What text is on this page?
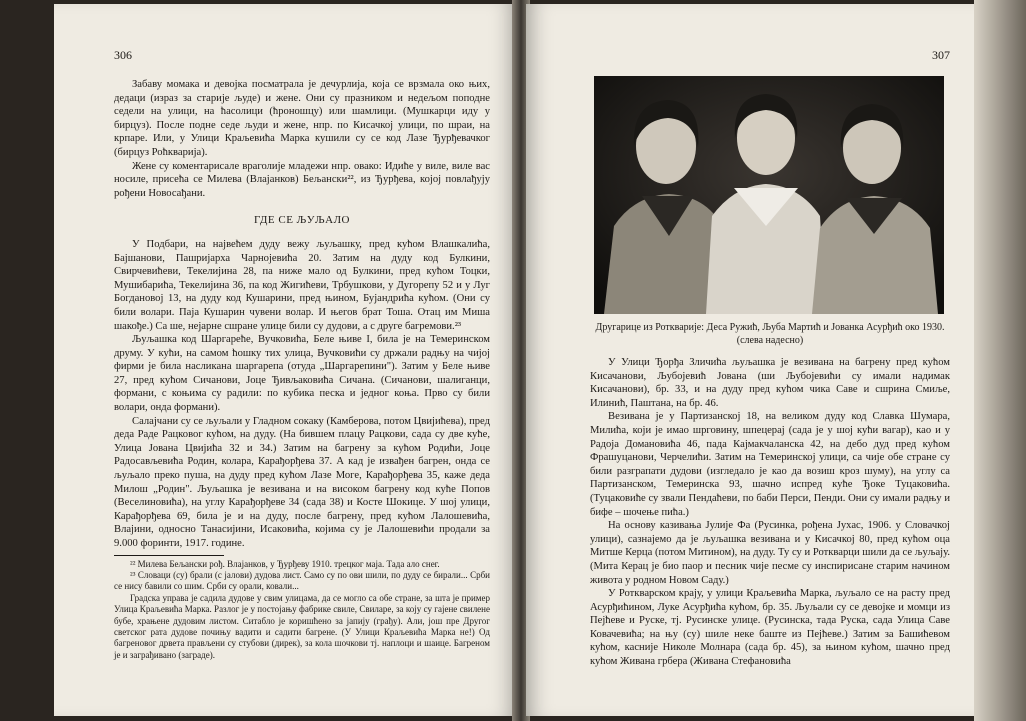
306

Забаву момака и девојка посматрала је дечурлија, која се врзмала око њих, дедаци (израз за старије људе) и жене. Они су празником и недељом поподне седели на улици, на ћасолици (ћроношцу) или шамлици. (Мушкарци иду у бирцуз). После подне седе људи и жене, нпр. по Кисачкој улици, по шраи, на крпаре. Или, у Улици Краљевића Марка кушили су се код Лазе Ђурђевачког (бирцуз Роћкварија).

Жене су коментарисале враголије младежи нпр. овако: Идиће у виле, виле вас носиле, присећа се Милева (Влајанков) Бељански²², из Ђурђева, којој повлађују рођени Новосађани.

ГДЕ СЕ ЉУЉАЛО

У Подбари, на највећем дуду вежу љуљашку, пред кућом Влашкалића, Бајшанови, Пашријарха Чарнојевића 20. Затим на дуду код Булкини, Свирчевићеви, Текелијина 28, па ниже мало од Булкини, пред кућом Тоцки, Мушибарића, Текелијина 36, па код Жигићеви, Трбушкови, у Дугорепу 52 и у Луг Богдановој 13, на дуду код Кушарини, пред њином, Бујандрића кућом. (Они су били волари. Паја Кушарин чувени волар. И његов брат Тоша. Отац им Миша шакође.) Са ше, нејарне сшране улице били су дудови, а с друге багремови.²³

Љуљашка код Шаргареће, Вучковића, Беле њиве I, била је на Темеринском друму. У кући, на самом ћошку тих улица, Вучковићи су држали радњу на чијој фирми је била насликана шаргарепа (отуда „Шаргарепини"). Затим у Беле њиве 27, пред кућом Сичанови, Јоце Ђивљаковића Сичана. (Сичанови, шалиганци, формани, с коњима су радили: по кубика песка и једног коња. Прво су били волари, онда формани).

Салајчани су се љуљали у Гладном сокаку (Камберова, потом Цвијићева), пред деда Раде Рацковог кућом, на дуду. (На бившем плацу Рацкови, сада су две куће, Улица Јована Цвијића 32 и 34.) Затим на багрену за кућом Родићи, Јоце Радосављевића Родин, колара, Карађорђева 37. А кад је извађен багрен, онда се љуљало преко пуша, на дуду пред кућом Лазе Моге, Карађорђева 35, каже деда Милош „Родин". Љуљашка је везивана и на високом багрену код куће Попов (Веселиновића), на углу Карађорђеве 34 (сада 38) и Косте Шокице. У шој улици, Карађорђева 69, била је и на дуду, после багрену, пред кућом Лалошевића, Влајини, односно Танасијини, Исаковића, којима су је Лалошевићи продали за 9.000 форинти, 1917. године.

²² Милева Бељански рођ. Влајанков, у Ђурђеву 1910. трецког маја. Тада ало снег.

²³ Словаци (су) брали (с јалови) дудова лист. Само су по ови шили, по дуду се бирали... Срби се нису бавили со шим. Срби су орали, ковали...

Градска управа је садила дудове у свим улицама, да се могло са обе стране, за шта је пример Улица Краљевића Марка. Разлог је у постојању фабрике свиле, Свиларе, за коју су гајене свилене бубе, храњене дудовим листом. Ситабло је коришћено за јапију (грађу). Али, још пре Другог светског рата дудове почињу вадити и садити багрене. (У Улици Краљевића Марка не!) Од багреновог дрвета прављени су стубови (дирек), за кола шочкови тј. наплоци и шаице. Багреном је и заграђивано (заграде).

307
Другарице из Роткварије: Деса Ружић, Љуба Мартић и Јованка Асурђић око 1930. (слева надесно)

У Улици Ђорђа Зличића љуљашка је везивана на багрену пред кућом Кисачанови, Љубојевић Јована (ши Љубојевићи су имали надимак Кисачанови), бр. 33, и на дуду пред кућом чика Саве и сшрина Смиље, Илинић, Паштана, на бр. 46.

Везивана је у Партизанској 18, на великом дуду код Славка Шумара, Милића, који је имао шрговину, шпецерај (сада је у шој кући вагар), као и у Радоја Домановића 46, пада Кајмакчаланска 42, на дебо дуд пред кућом Фрашуцанови, Черчелићи. Затим на Темеринској улици, са чије обе стране су били разграпати дудови (изгледало је као да возиш кроз шуму), на углу са Партизанском, Темеринска 93, шачно испред куће Ђоке Туцаковића. (Туцаковиће су звали Пендаћеви, по баби Перси, Пенди. Они су имали радњу и бифе – шочење пића.)

На основу казивања Јулије Фа (Русинка, рођена Јухас, 1906. у Словачкој улици), сазнајемо да је љуљашка везивана и у Кисачкој 80, пред кућом оца Митше Керца (потом Митином), на дуду. Ту су и Роткварци шили да се љуљају. (Мита Керац је био паор и песник чије песме су инспирисане старим начином живота у родном Новом Саду.)

У Роткварском крају, у улици Краљевића Марка, љуљало се на расту пред Асурђићином, Луке Асурђића кућом, бр. 35. Љуљали су се девојке и момци из Пејћеве и Руске, тј. Русинске улице. (Русинска, тада Руска, сада Улица Саве Ковачевића; на њу (су) шиле неке баште из Пејћеве.) Затим за Башићевом кућом, касније Николе Молнара (сада бр. 45), за њином кућом, шачно пред кућом Живана грбера (Живана Стефановића
